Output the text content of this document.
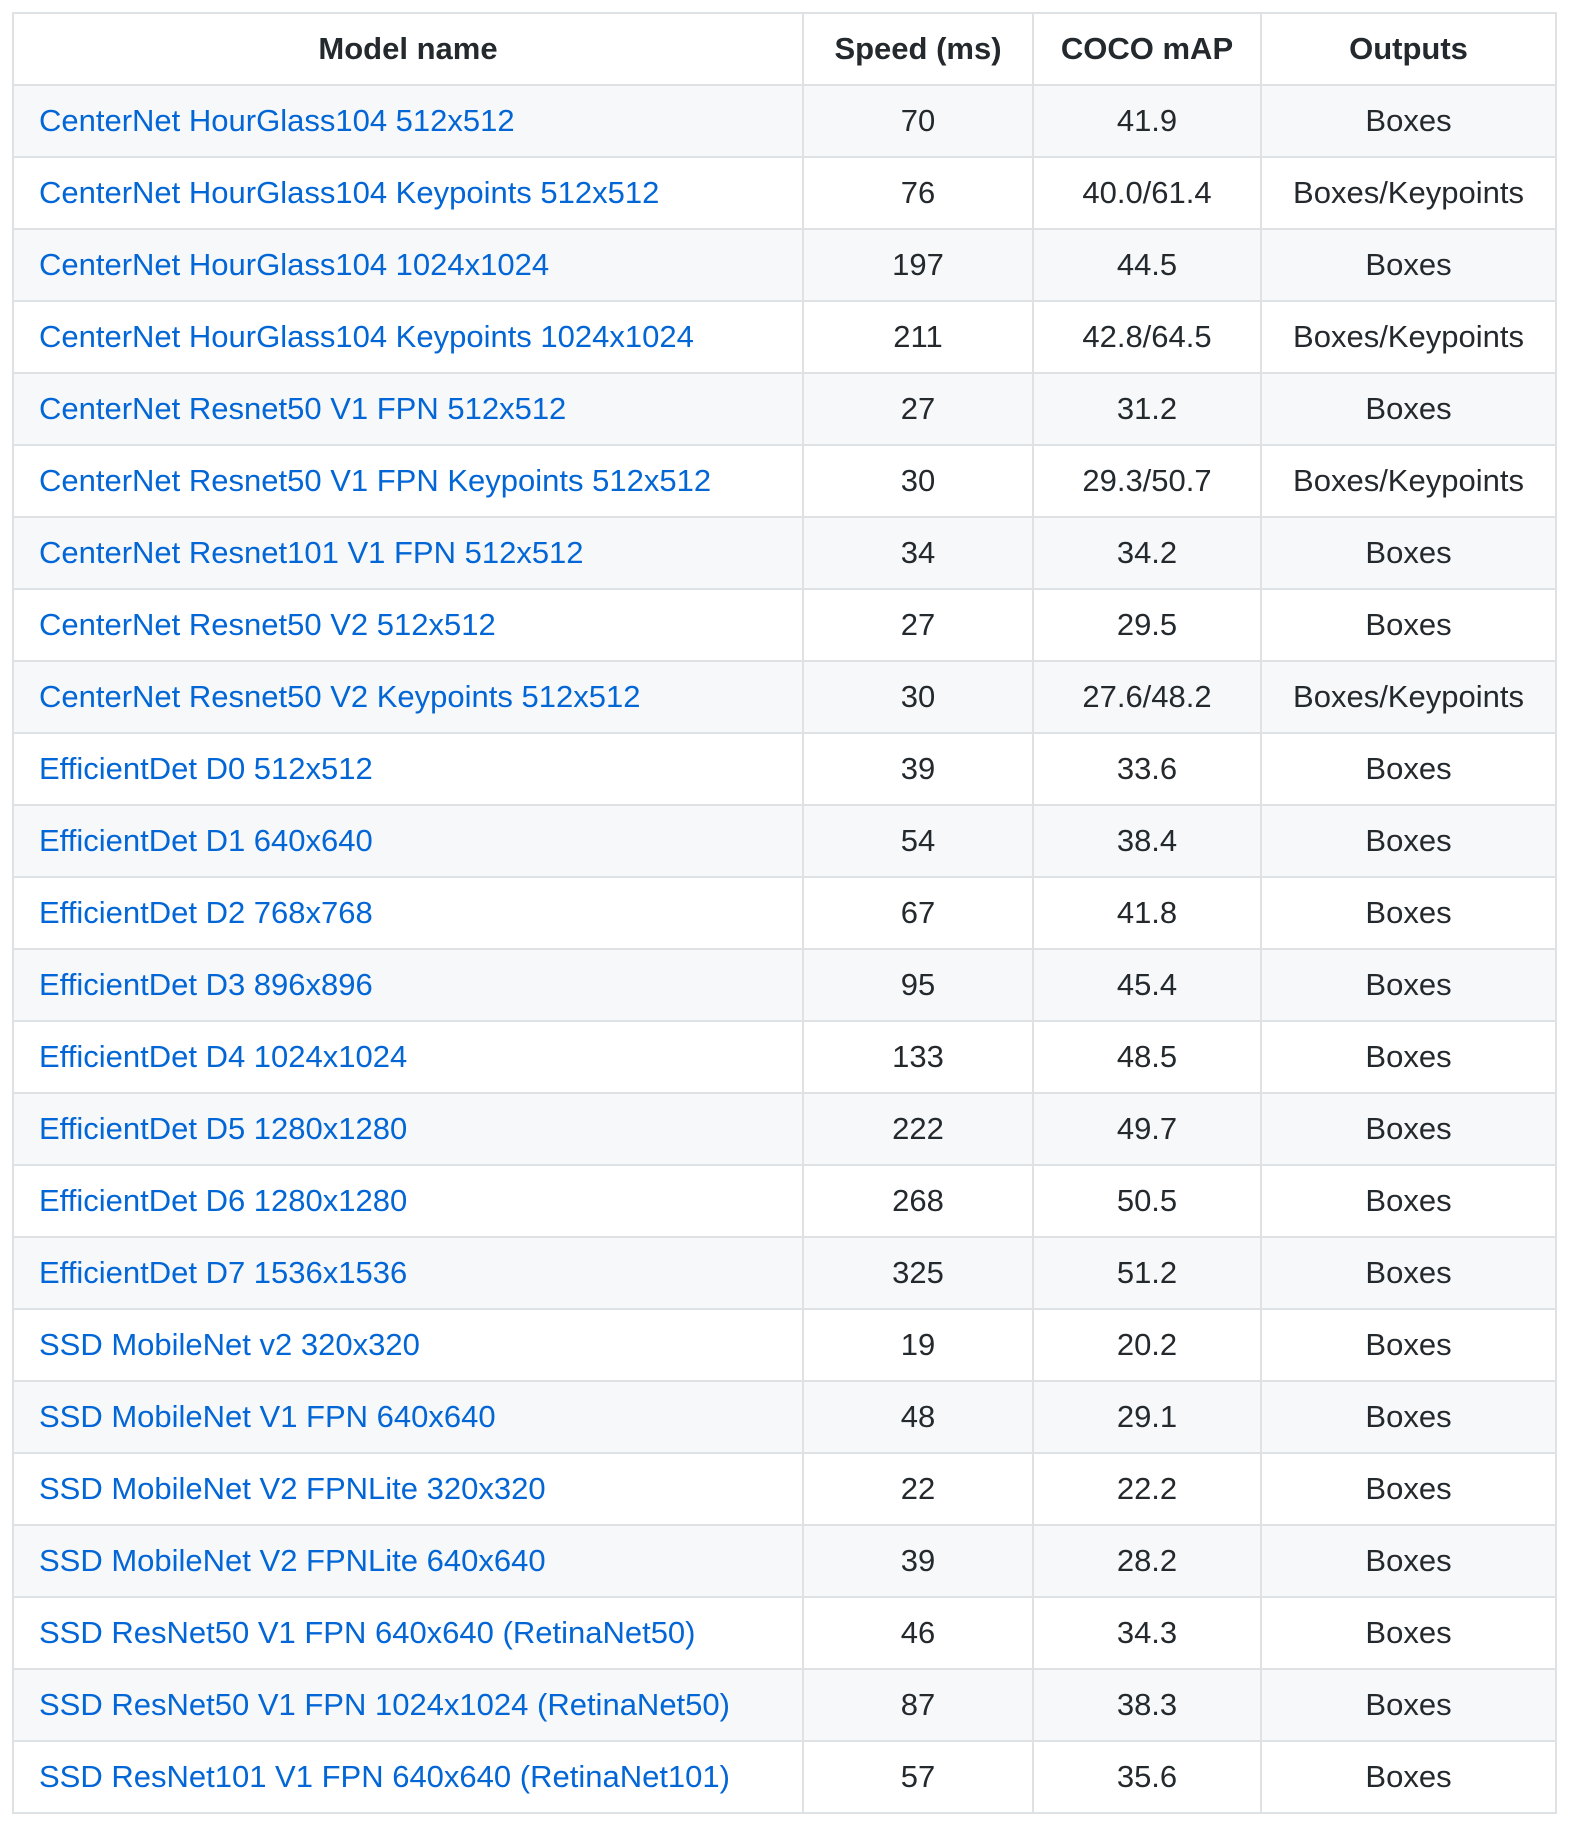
Model name	Speed (ms)	COCO mAP	Outputs
CenterNet HourGlass104 512x512	70	41.9	Boxes
CenterNet HourGlass104 Keypoints 512x512	76	40.0/61.4	Boxes/Keypoints
CenterNet HourGlass104 1024x1024	197	44.5	Boxes
CenterNet HourGlass104 Keypoints 1024x1024	211	42.8/64.5	Boxes/Keypoints
CenterNet Resnet50 V1 FPN 512x512	27	31.2	Boxes
CenterNet Resnet50 V1 FPN Keypoints 512x512	30	29.3/50.7	Boxes/Keypoints
CenterNet Resnet101 V1 FPN 512x512	34	34.2	Boxes
CenterNet Resnet50 V2 512x512	27	29.5	Boxes
CenterNet Resnet50 V2 Keypoints 512x512	30	27.6/48.2	Boxes/Keypoints
EfficientDet D0 512x512	39	33.6	Boxes
EfficientDet D1 640x640	54	38.4	Boxes
EfficientDet D2 768x768	67	41.8	Boxes
EfficientDet D3 896x896	95	45.4	Boxes
EfficientDet D4 1024x1024	133	48.5	Boxes
EfficientDet D5 1280x1280	222	49.7	Boxes
EfficientDet D6 1280x1280	268	50.5	Boxes
EfficientDet D7 1536x1536	325	51.2	Boxes
SSD MobileNet v2 320x320	19	20.2	Boxes
SSD MobileNet V1 FPN 640x640	48	29.1	Boxes
SSD MobileNet V2 FPNLite 320x320	22	22.2	Boxes
SSD MobileNet V2 FPNLite 640x640	39	28.2	Boxes
SSD ResNet50 V1 FPN 640x640 (RetinaNet50)	46	34.3	Boxes
SSD ResNet50 V1 FPN 1024x1024 (RetinaNet50)	87	38.3	Boxes
SSD ResNet101 V1 FPN 640x640 (RetinaNet101)	57	35.6	Boxes
